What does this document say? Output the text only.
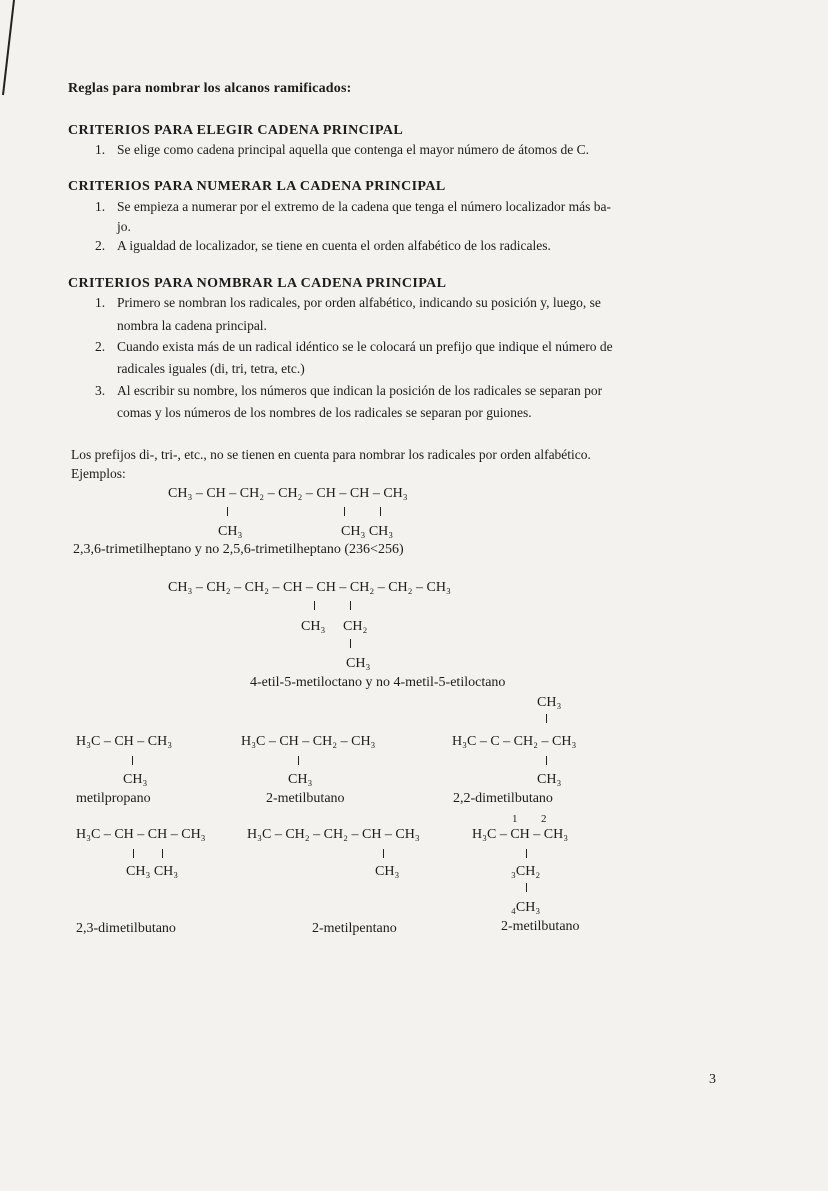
Reglas para nombrar los alcanos ramificados:
CRITERIOS PARA ELEGIR CADENA PRINCIPAL
1. Se elige como cadena principal aquella que contenga el mayor número de átomos de C.
CRITERIOS PARA NUMERAR LA CADENA PRINCIPAL
1. Se empieza a numerar por el extremo de la cadena que tenga el número localizador más ba-
jo.
2. A igualdad de localizador, se tiene en cuenta el orden alfabético de los radicales.
CRITERIOS PARA NOMBRAR LA CADENA PRINCIPAL
1. Primero se nombran los radicales, por orden alfabético, indicando su posición y, luego, se
nombra la cadena principal.
2. Cuando exista más de un radical idéntico se le colocará un prefijo que indique el número de
radicales iguales (di, tri, tetra, etc.)
3. Al escribir su nombre, los números que indican la posición de los radicales se separan por
comas y los números de los nombres de los radicales se separan por guiones.
Los prefijos di-, tri-, etc., no se tienen en cuenta para nombrar los radicales por orden alfabético.
Ejemplos:
CH₃ – CH – CH₂ – CH₂ – CH – CH – CH₃
CH₃	CH₃ CH₃
2,3,6-trimetilheptano y no 2,5,6-trimetilheptano (236<256)
CH₃ – CH₂ – CH₂ – CH – CH – CH₂ – CH₂ – CH₃
CH₃ CH₂
CH₃
4-etil-5-metiloctano y no 4-metil-5-etiloctano
CH₃
H₃C – CH – CH₃
CH₃
metilpropano
H₃C – CH – CH₂ – CH₃
CH₃
2-metilbutano
H₃C – C – CH₂ – CH₃
CH₃
2,2-dimetilbutano
1 2
H₃C – CH – CH – CH₃
CH₃ CH₃
2,3-dimetilbutano
H₃C – CH₂ – CH₂ – CH – CH₃
CH₃
2-metilpentano
H₃C – CH – CH₃
₃CH₂
₄CH₃
2-metilbutano
3
